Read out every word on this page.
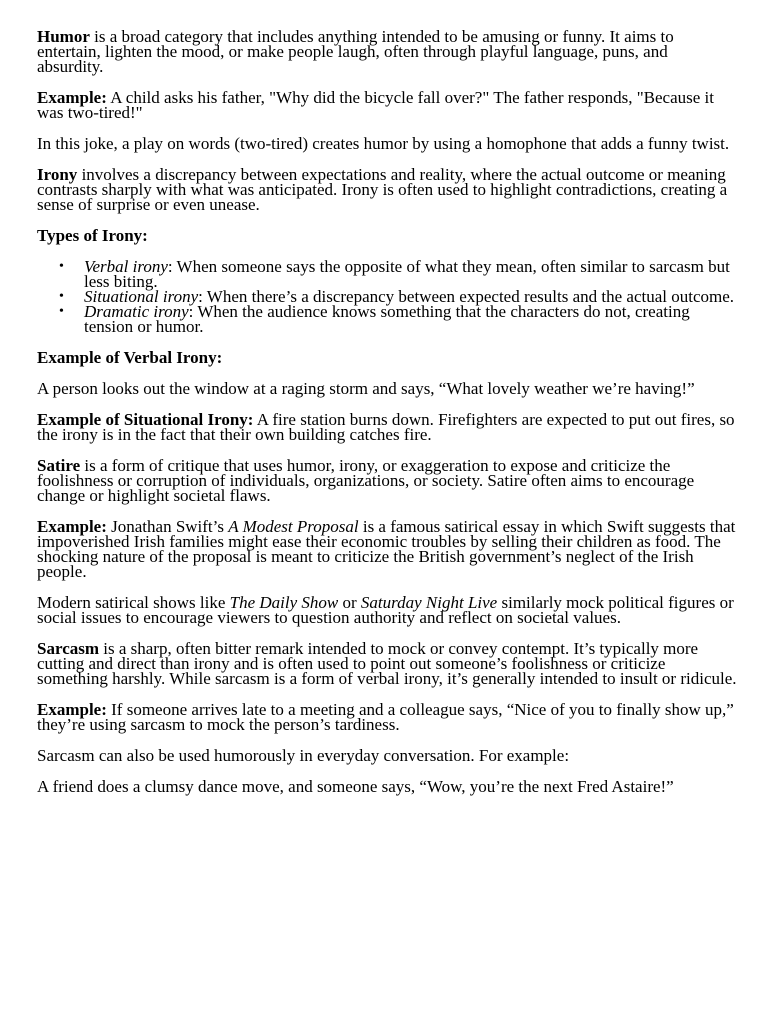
Humor is a broad category that includes anything intended to be amusing or funny. It aims to entertain, lighten the mood, or make people laugh, often through playful language, puns, and absurdity.

Example: A child asks his father, "Why did the bicycle fall over?" The father responds, "Because it was two-tired!"

In this joke, a play on words (two-tired) creates humor by using a homophone that adds a funny twist.

Irony involves a discrepancy between expectations and reality, where the actual outcome or meaning contrasts sharply with what was anticipated. Irony is often used to highlight contradictions, creating a sense of surprise or even unease.

Types of Irony:

• Verbal irony: When someone says the opposite of what they mean, often similar to sarcasm but less biting.
• Situational irony: When there’s a discrepancy between expected results and the actual outcome.
• Dramatic irony: When the audience knows something that the characters do not, creating tension or humor.

Example of Verbal Irony:

A person looks out the window at a raging storm and says, “What lovely weather we’re having!”

Example of Situational Irony: A fire station burns down. Firefighters are expected to put out fires, so the irony is in the fact that their own building catches fire.

Satire is a form of critique that uses humor, irony, or exaggeration to expose and criticize the foolishness or corruption of individuals, organizations, or society. Satire often aims to encourage change or highlight societal flaws.

Example: Jonathan Swift’s A Modest Proposal is a famous satirical essay in which Swift suggests that impoverished Irish families might ease their economic troubles by selling their children as food. The shocking nature of the proposal is meant to criticize the British government’s neglect of the Irish people.

Modern satirical shows like The Daily Show or Saturday Night Live similarly mock political figures or social issues to encourage viewers to question authority and reflect on societal values.

Sarcasm is a sharp, often bitter remark intended to mock or convey contempt. It’s typically more cutting and direct than irony and is often used to point out someone’s foolishness or criticize something harshly. While sarcasm is a form of verbal irony, it’s generally intended to insult or ridicule.

Example: If someone arrives late to a meeting and a colleague says, “Nice of you to finally show up,” they’re using sarcasm to mock the person’s tardiness.

Sarcasm can also be used humorously in everyday conversation. For example:

A friend does a clumsy dance move, and someone says, “Wow, you’re the next Fred Astaire!”
